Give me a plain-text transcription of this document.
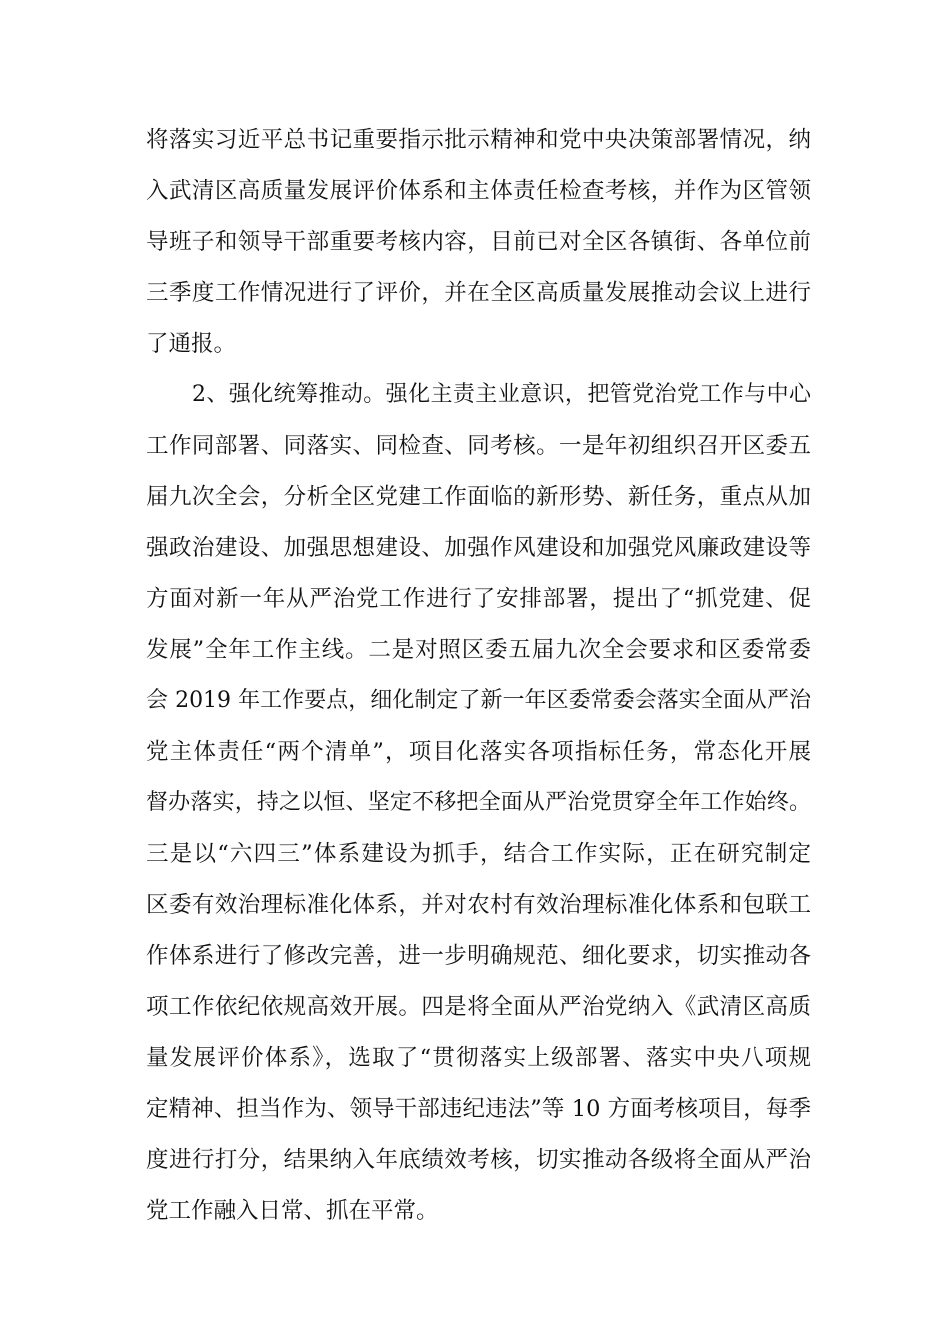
将落实习近平总书记重要指示批示精神和党中央决策部署情况，纳
入武清区高质量发展评价体系和主体责任检查考核，并作为区管领
导班子和领导干部重要考核内容，目前已对全区各镇街、各单位前
三季度工作情况进行了评价，并在全区高质量发展推动会议上进行
了通报。
2、强化统筹推动。强化主责主业意识，把管党治党工作与中心
工作同部署、同落实、同检查、同考核。一是年初组织召开区委五
届九次全会，分析全区党建工作面临的新形势、新任务，重点从加
强政治建设、加强思想建设、加强作风建设和加强党风廉政建设等
方面对新一年从严治党工作进行了安排部署，提出了“抓党建、促
发展”全年工作主线。二是对照区委五届九次全会要求和区委常委
会 2019 年工作要点，细化制定了新一年区委常委会落实全面从严治
党主体责任“两个清单”，项目化落实各项指标任务，常态化开展
督办落实，持之以恒、坚定不移把全面从严治党贯穿全年工作始终。
三是以“六四三”体系建设为抓手，结合工作实际，正在研究制定
区委有效治理标准化体系，并对农村有效治理标准化体系和包联工
作体系进行了修改完善，进一步明确规范、细化要求，切实推动各
项工作依纪依规高效开展。四是将全面从严治党纳入《武清区高质
量发展评价体系》，选取了“贯彻落实上级部署、落实中央八项规
定精神、担当作为、领导干部违纪违法”等 10 方面考核项目，每季
度进行打分，结果纳入年底绩效考核，切实推动各级将全面从严治
党工作融入日常、抓在平常。
